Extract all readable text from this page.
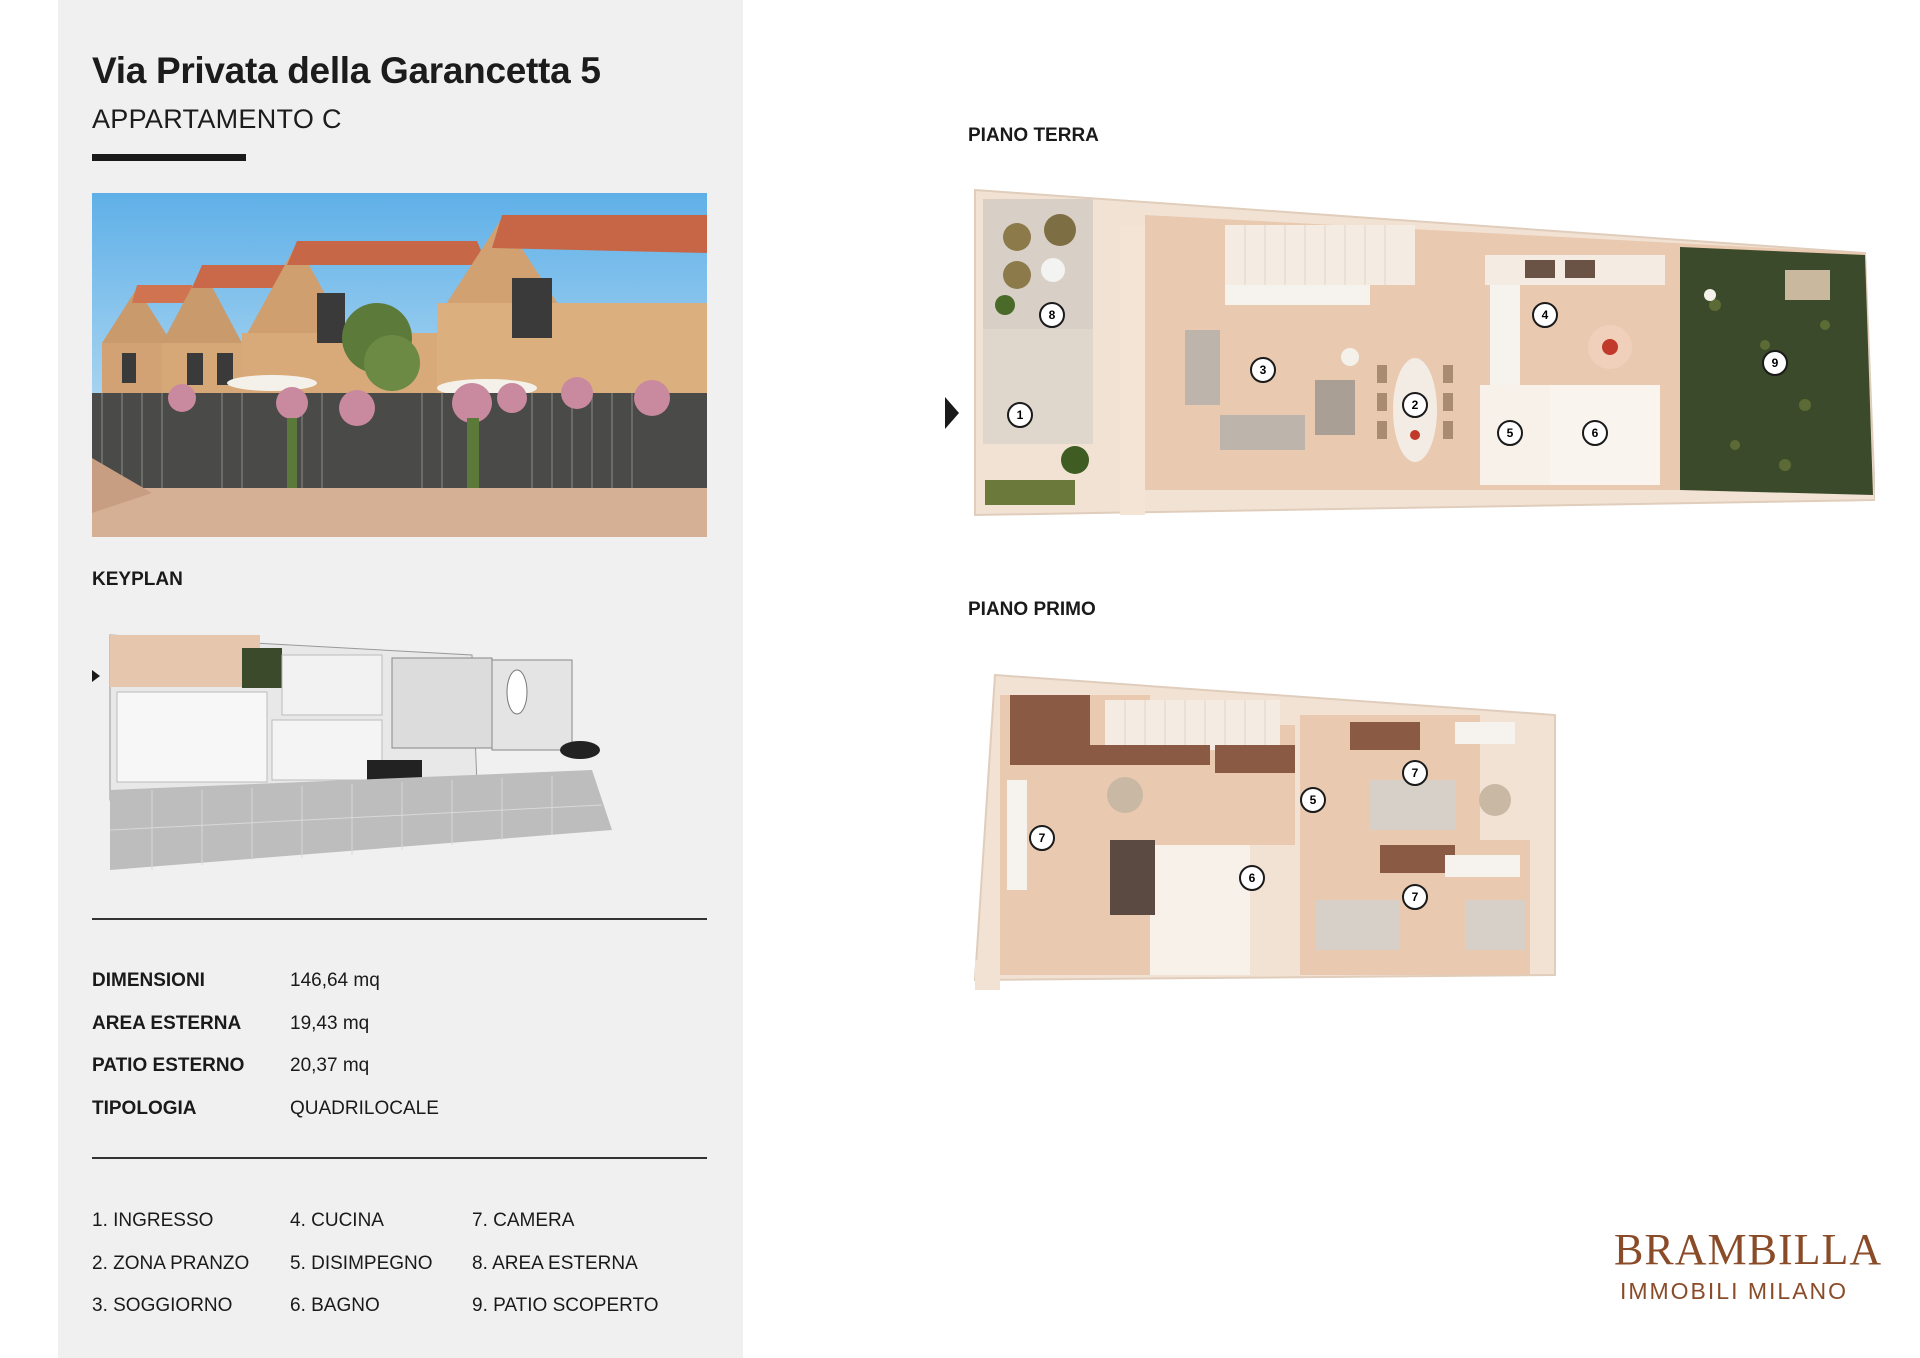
Via Privata della Garancetta 5
APPARTAMENTO C
KEYPLAN
DIMENSIONI	146,64 mq
AREA ESTERNA	19,43 mq
PATIO ESTERNO	20,37 mq
TIPOLOGIA	QUADRILOCALE
1. INGRESSO	4. CUCINA	7. CAMERA
2. ZONA PRANZO	5. DISIMPEGNO	8. AREA ESTERNA
3. SOGGIORNO	6. BAGNO	9. PATIO SCOPERTO
PIANO TERRA
8
1
3
2
4
5	6
9
PIANO PRIMO
7
5
7
6
7
BRAMBILLA
IMMOBILI MILANO
